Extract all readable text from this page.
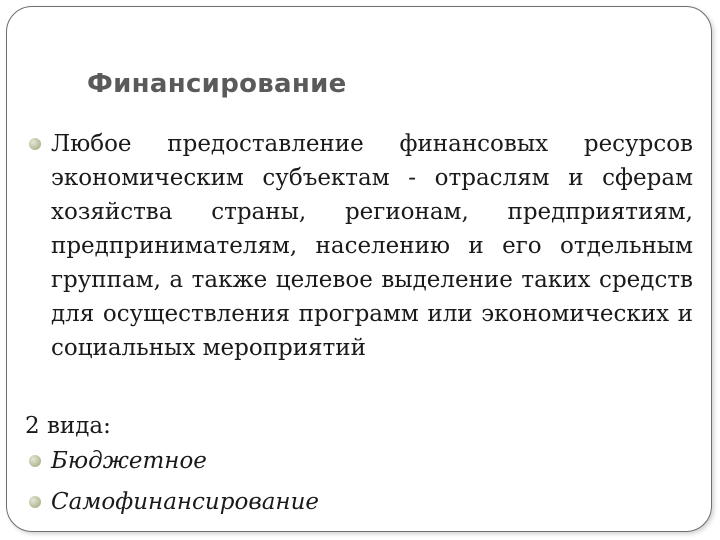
Финансирование
Любое предоставление финансовых ресурсов экономическим субъектам - отраслям и сферам хозяйства страны, регионам, предприятиям, предпринимателям, населению и его отдельным группам, а также целевое выделение таких средств для осуществления программ или экономических и социальных мероприятий
2 вида:
Бюджетное
Самофинансирование
